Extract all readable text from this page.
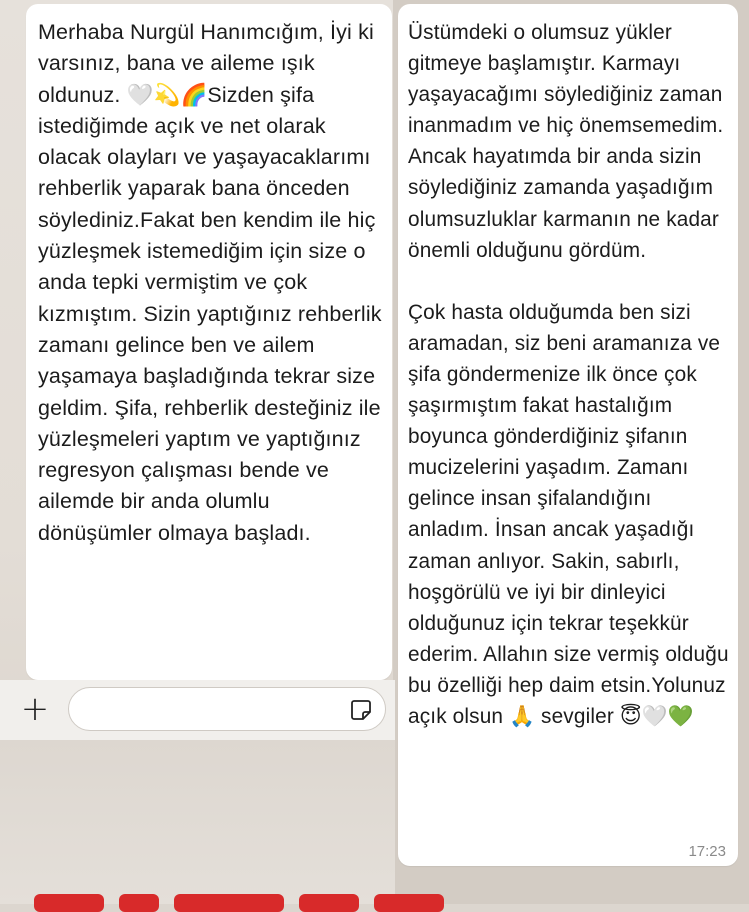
Merhaba Nurgül Hanımcığım, İyi ki varsınız, bana ve aileme ışık oldunuz. 🤍💫🌈Sizden şifa istediğimde açık ve net olarak olacak olayları ve yaşayacaklarımı rehberlik yaparak bana önceden söylediniz.Fakat ben kendim ile hiç yüzleşmek istemediğim için size o anda tepki vermiştim ve çok kızmıştım. Sizin yaptığınız rehberlik zamanı gelince ben ve ailem yaşamaya başladığında tekrar size geldim. Şifa, rehberlik desteğiniz ile yüzleşmeleri yaptım ve yaptığınız regresyon çalışması bende ve ailemde bir anda olumlu dönüşümler olmaya başladı.

+

Üstümdeki o olumsuz yükler gitmeye başlamıştır. Karmayı yaşayacağımı söylediğiniz zaman inanmadım ve hiç önemsemedim. Ancak hayatımda bir anda sizin söylediğiniz zamanda yaşadığım olumsuzluklar karmanın ne kadar önemli olduğunu gördüm.

Çok hasta olduğumda ben sizi aramadan, siz beni aramanıza ve şifa göndermenize ilk önce çok şaşırmıştım fakat hastalığım boyunca gönderdiğiniz şifanın mucizelerini yaşadım. Zamanı gelince insan şifalandığını anladım. İnsan ancak yaşadığı zaman anlıyor. Sakin, sabırlı, hoşgörülü ve iyi bir dinleyici olduğunuz için tekrar teşekkür ederim. Allahın size vermiş olduğu bu özelliği hep daim etsin.Yolunuz açık olsun 🙏 sevgiler 😇🤍💚

17:23
